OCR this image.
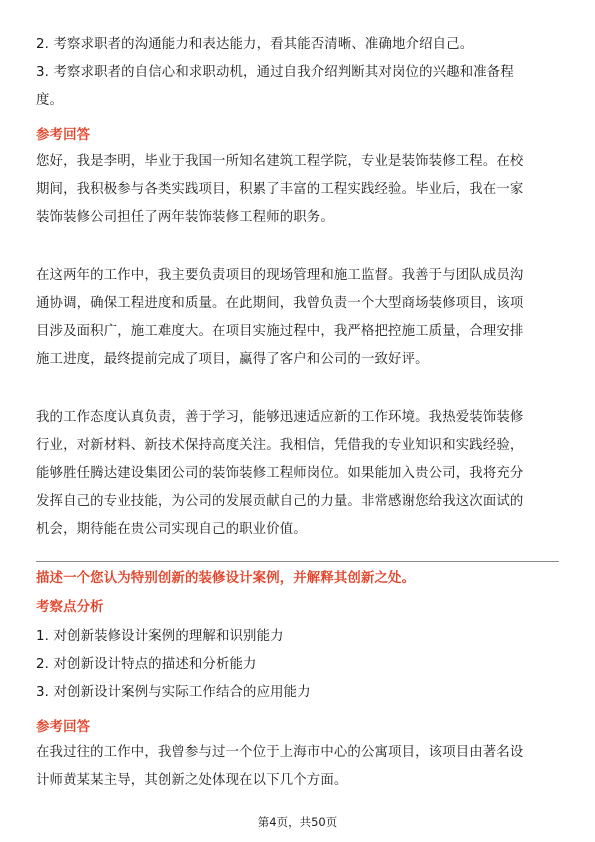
2. 考察求职者的沟通能力和表达能力，看其能否清晰、准确地介绍自己。
3. 考察求职者的自信心和求职动机，通过自我介绍判断其对岗位的兴趣和准备程
度。
参考回答
您好，我是李明，毕业于我国一所知名建筑工程学院，专业是装饰装修工程。在校
期间，我积极参与各类实践项目，积累了丰富的工程实践经验。毕业后，我在一家
装饰装修公司担任了两年装饰装修工程师的职务。
在这两年的工作中，我主要负责项目的现场管理和施工监督。我善于与团队成员沟
通协调，确保工程进度和质量。在此期间，我曾负责一个大型商场装修项目，该项
目涉及面积广，施工难度大。在项目实施过程中，我严格把控施工质量，合理安排
施工进度，最终提前完成了项目，赢得了客户和公司的一致好评。
我的工作态度认真负责，善于学习，能够迅速适应新的工作环境。我热爱装饰装修
行业，对新材料、新技术保持高度关注。我相信，凭借我的专业知识和实践经验，
能够胜任腾达建设集团公司的装饰装修工程师岗位。如果能加入贵公司，我将充分
发挥自己的专业技能，为公司的发展贡献自己的力量。非常感谢您给我这次面试的
机会，期待能在贵公司实现自己的职业价值。
描述一个您认为特别创新的装修设计案例，并解释其创新之处。
考察点分析
1. 对创新装修设计案例的理解和识别能力
2. 对创新设计特点的描述和分析能力
3. 对创新设计案例与实际工作结合的应用能力
参考回答
在我过往的工作中，我曾参与过一个位于上海市中心的公寓项目，该项目由著名设
计师黄某某主导，其创新之处体现在以下几个方面。
第4页，共50页
